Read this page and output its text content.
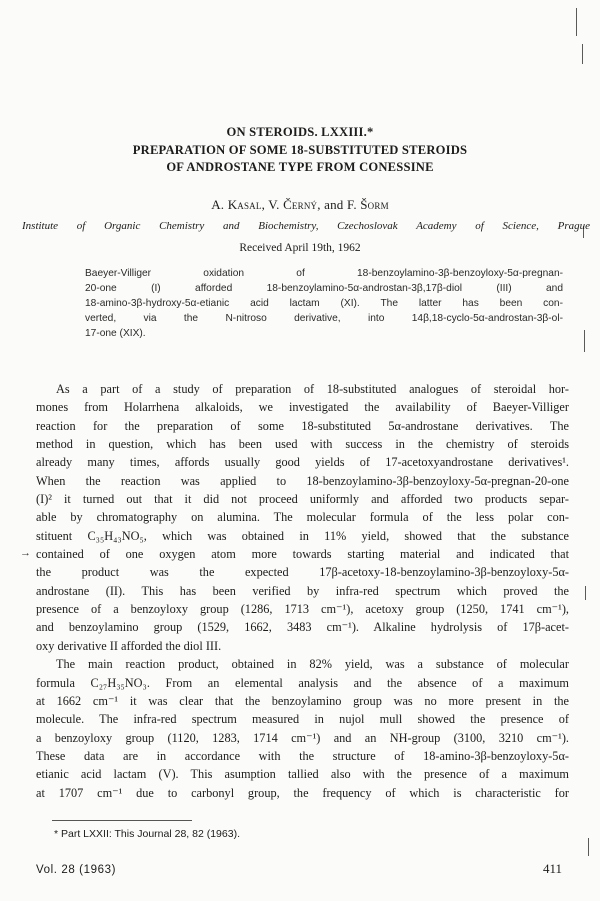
ON STEROIDS. LXXIII.*
PREPARATION OF SOME 18-SUBSTITUTED STEROIDS
OF ANDROSTANE TYPE FROM CONESSINE
A. Kasal, V. Černý, and F. Šorm
Institute of Organic Chemistry and Biochemistry, Czechoslovak Academy of Science, Prague
Received April 19th, 1962
Baeyer-Villiger oxidation of 18-benzoylamino-3β-benzoyloxy-5α-pregnan-
20-one (I) afforded 18-benzoylamino-5α-androstan-3β,17β-diol (III) and
18-amino-3β-hydroxy-5α-etianic acid lactam (XI). The latter has been con-
verted, via the N-nitroso derivative, into 14β,18-cyclo-5α-androstan-3β-ol-
17-one (XIX).
→
As a part of a study of preparation of 18-substituted analogues of steroidal hor-
mones from Holarrhena alkaloids, we investigated the availability of Baeyer-Villiger
reaction for the preparation of some 18-substituted 5α-androstane derivatives. The
method in question, which has been used with success in the chemistry of steroids
already many times, affords usually good yields of 17-acetoxyandrostane derivatives¹.
When the reaction was applied to 18-benzoylamino-3β-benzoyloxy-5α-pregnan-20-one
(I)² it turned out that it did not proceed uniformly and afforded two products separ-
able by chromatography on alumina. The molecular formula of the less polar con-
stituent C₃₅H₄₃NO₅, which was obtained in 11% yield, showed that the substance
contained of one oxygen atom more towards starting material and indicated that
the product was the expected 17β-acetoxy-18-benzoylamino-3β-benzoyloxy-5α-
androstane (II). This has been verified by infra-red spectrum which proved the
presence of a benzoyloxy group (1286, 1713 cm⁻¹), acetoxy group (1250, 1741 cm⁻¹),
and benzoylamino group (1529, 1662, 3483 cm⁻¹). Alkaline hydrolysis of 17β-acet-
oxy derivative II afforded the diol III.
The main reaction product, obtained in 82% yield, was a substance of molecular
formula C₂₇H₃₅NO₃. From an elemental analysis and the absence of a maximum
at 1662 cm⁻¹ it was clear that the benzoylamino group was no more present in the
molecule. The infra-red spectrum measured in nujol mull showed the presence of
a benzoyloxy group (1120, 1283, 1714 cm⁻¹) and an NH-group (3100, 3210 cm⁻¹).
These data are in accordance with the structure of 18-amino-3β-benzoyloxy-5α-
etianic acid lactam (V). This asumption tallied also with the presence of a maximum
at 1707 cm⁻¹ due to carbonyl group, the frequency of which is characteristic for
* Part LXXII: This Journal 28, 82 (1963).
Vol. 28 (1963)	411
